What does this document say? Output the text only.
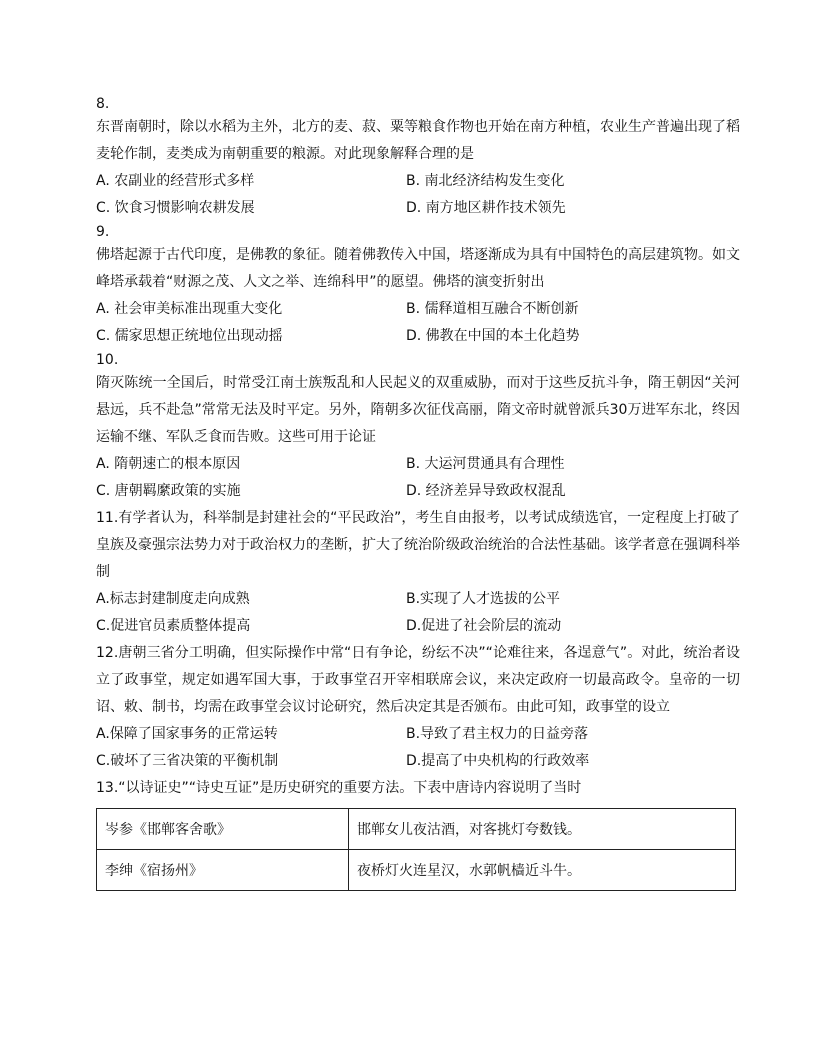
8.

东晋南朝时，除以水稻为主外，北方的麦、菽、粟等粮食作物也开始在南方种植，农业生产普遍出现了稻麦轮作制，麦类成为南朝重要的粮源。对此现象解释合理的是

A. 农副业的经营形式多样	B. 南北经济结构发生变化
C. 饮食习惯影响农耕发展	D. 南方地区耕作技术领先
9.

佛塔起源于古代印度，是佛教的象征。随着佛教传入中国，塔逐渐成为具有中国特色的高层建筑物。如文峰塔承载着“财源之茂、人文之举、连绵科甲”的愿望。佛塔的演变折射出

A. 社会审美标准出现重大变化	B. 儒释道相互融合不断创新
C. 儒家思想正统地位出现动摇	D. 佛教在中国的本土化趋势
10.

隋灭陈统一全国后，时常受江南士族叛乱和人民起义的双重威胁，而对于这些反抗斗争，隋王朝因“关河悬远，兵不赴急”常常无法及时平定。另外，隋朝多次征伐高丽，隋文帝时就曾派兵30万进军东北，终因运输不继、军队乏食而告败。这些可用于论证

A. 隋朝速亡的根本原因	B. 大运河贯通具有合理性
C. 唐朝羁縻政策的实施	D. 经济差异导致政权混乱

11.有学者认为，科举制是封建社会的“平民政治”，考生自由报考，以考试成绩选官，一定程度上打破了皇族及豪强宗法势力对于政治权力的垄断，扩大了统治阶级政治统治的合法性基础。该学者意在强调科举制

A.标志封建制度走向成熟	B.实现了人才选拔的公平
C.促进官员素质整体提高	D.促进了社会阶层的流动

12.唐朝三省分工明确，但实际操作中常“日有争论，纷纭不决”“论难往来，各逞意气”。对此，统治者设立了政事堂，规定如遇军国大事，于政事堂召开宰相联席会议，来决定政府一切最高政令。皇帝的一切诏、敕、制书，均需在政事堂会议讨论研究，然后决定其是否颁布。由此可知，政事堂的设立

A.保障了国家事务的正常运转	B.导致了君主权力的日益旁落
C.破坏了三省决策的平衡机制	D.提高了中央机构的行政效率

13.“以诗证史”“诗史互证”是历史研究的重要方法。下表中唐诗内容说明了当时

岑参《邯郸客舍歌》	邯郸女儿夜沽酒，对客挑灯夸数钱。
李绅《宿扬州》	夜桥灯火连星汉，水郭帆樯近斗牛。
